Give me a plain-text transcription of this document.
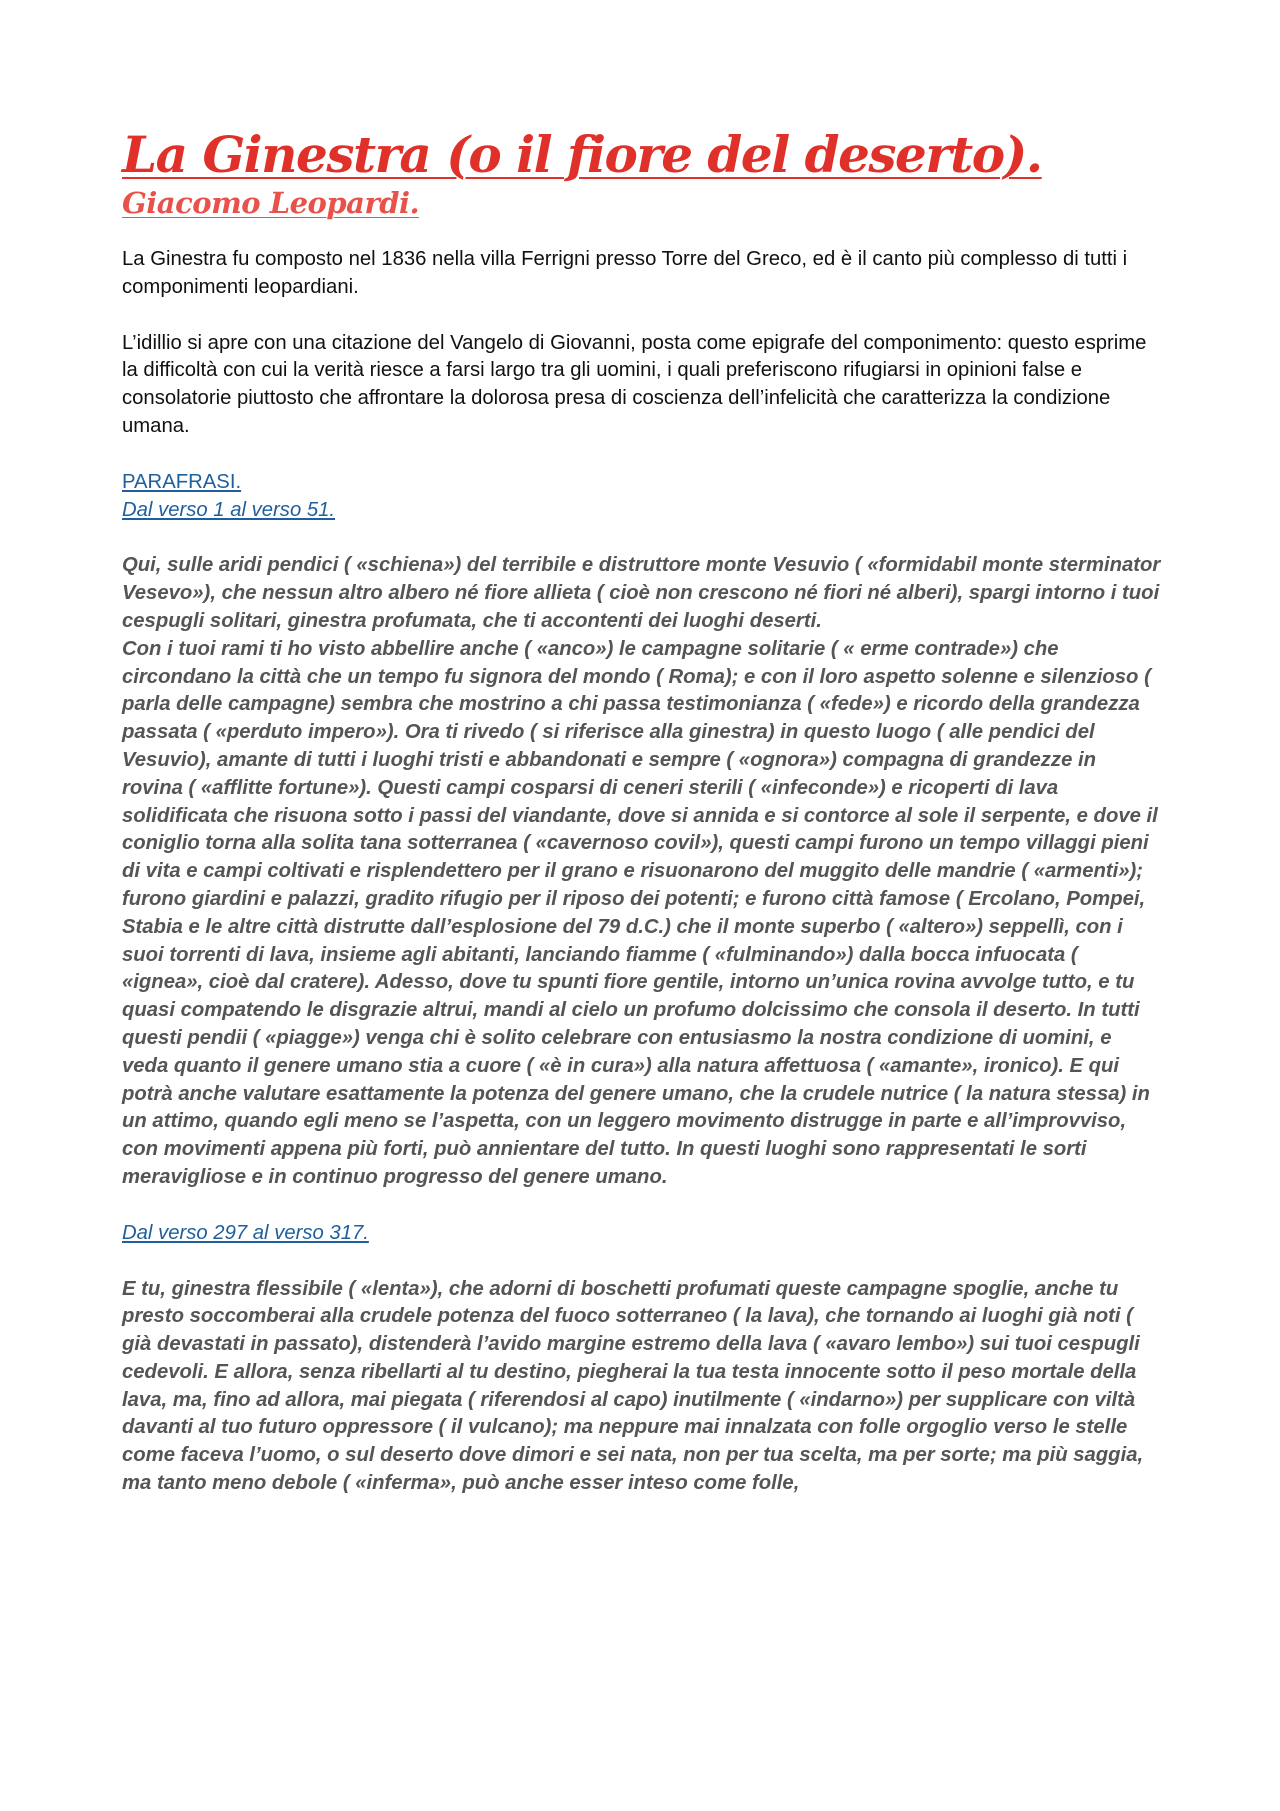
La Ginestra (o il fiore del deserto).
Giacomo Leopardi.

La Ginestra fu composto nel 1836 nella villa Ferrigni presso Torre del Greco, ed è il canto più complesso di tutti i componimenti leopardiani.

L’idillio si apre con una citazione del Vangelo di Giovanni, posta come epigrafe del componimento: questo esprime la difficoltà con cui la verità riesce a farsi largo tra gli uomini, i quali preferiscono rifugiarsi in opinioni false e consolatorie piuttosto che affrontare la dolorosa presa di coscienza dell’infelicità che caratterizza la condizione umana.

PARAFRASI.

Dal verso 1 al verso 51.

Qui, sulle aridi pendici ( «schiena») del terribile e distruttore monte Vesuvio ( «formidabil monte sterminator Vesevo»), che nessun altro albero né fiore allieta ( cioè non crescono né fiori né alberi), spargi intorno i tuoi cespugli solitari, ginestra profumata, che ti accontenti dei luoghi deserti.

Con i tuoi rami ti ho visto abbellire anche ( «anco») le campagne solitarie ( « erme contrade») che circondano la città che un tempo fu signora del mondo ( Roma); e con il loro aspetto solenne e silenzioso ( parla delle campagne) sembra che mostrino a chi passa testimonianza ( «fede») e ricordo della grandezza passata ( «perduto impero»). Ora ti rivedo ( si riferisce alla ginestra) in questo luogo ( alle pendici del Vesuvio), amante di tutti i luoghi tristi e abbandonati e sempre ( «ognora») compagna di grandezze in rovina ( «afflitte fortune»). Questi campi cosparsi di ceneri sterili ( «infeconde») e ricoperti di lava solidificata che risuona sotto i passi del viandante, dove si annida e si contorce al sole il serpente, e dove il coniglio torna alla solita tana sotterranea ( «cavernoso covil»), questi campi furono un tempo villaggi pieni di vita e campi coltivati e risplendettero per il grano e risuonarono del muggito delle mandrie ( «armenti»); furono giardini e palazzi, gradito rifugio per il riposo dei potenti; e furono città famose ( Ercolano, Pompei, Stabia e le altre città distrutte dall’esplosione del 79 d.C.) che il monte superbo ( «altero») seppellì, con i suoi torrenti di lava, insieme agli abitanti, lanciando fiamme ( «fulminando») dalla bocca infuocata ( «ignea», cioè dal cratere). Adesso, dove tu spunti fiore gentile, intorno un’unica rovina avvolge tutto, e tu quasi compatendo le disgrazie altrui, mandi al cielo un profumo dolcissimo che consola il deserto. In tutti questi pendii ( «piagge») venga chi è solito celebrare con entusiasmo la nostra condizione di uomini, e veda quanto il genere umano stia a cuore ( «è in cura») alla natura affettuosa ( «amante», ironico). E qui potrà anche valutare esattamente la potenza del genere umano, che la crudele nutrice ( la natura stessa) in un attimo, quando egli meno se l’aspetta, con un leggero movimento distrugge in parte e all’improvviso, con movimenti appena più forti, può annientare del tutto. In questi luoghi sono rappresentati le sorti meravigliose e in continuo progresso del genere umano.

Dal verso 297 al verso 317.

E tu, ginestra flessibile ( «lenta»), che adorni di boschetti profumati queste campagne spoglie, anche tu presto soccomberai alla crudele potenza del fuoco sotterraneo ( la lava), che tornando ai luoghi già noti ( già devastati in passato), distenderà l’avido margine estremo della lava ( «avaro lembo») sui tuoi cespugli cedevoli. E allora, senza ribellarti al tu destino, piegherai la tua testa innocente sotto il peso mortale della lava, ma, fino ad allora, mai piegata ( riferendosi al capo) inutilmente ( «indarno») per supplicare con viltà davanti al tuo futuro oppressore ( il vulcano); ma neppure mai innalzata con folle orgoglio verso le stelle come faceva l’uomo, o sul deserto dove dimori e sei nata, non per tua scelta, ma per sorte; ma più saggia, ma tanto meno debole ( «inferma», può anche esser inteso come folle,
